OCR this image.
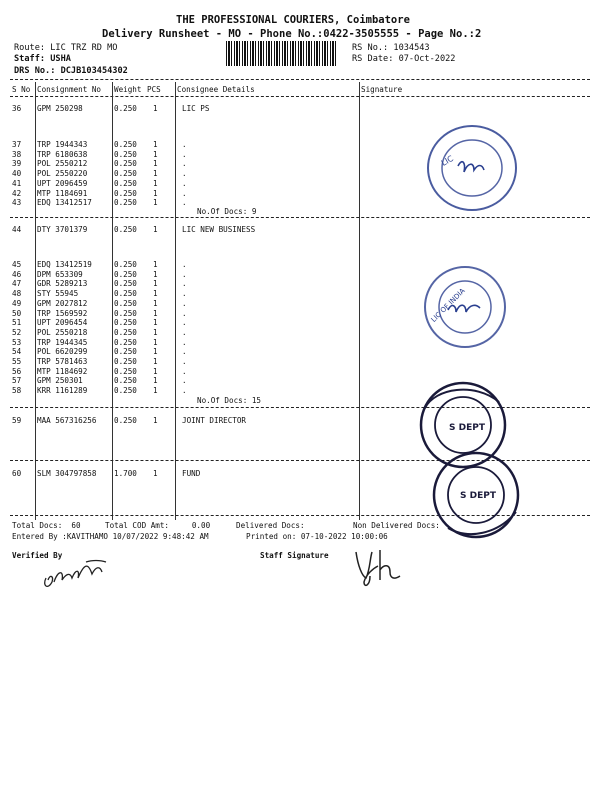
THE PROFESSIONAL COURIERS, Coimbatore
Delivery Runsheet - MO - Phone No.:0422-3505555 - Page No.:2
Route: LIC TRZ RD MO
Staff: USHA
DRS No.: DCJB103454302
RS No.: 1034543
RS Date: 07-Oct-2022
S No Consignment No Weight PCS Consignee Details	Signature
36 GPM 250298	0.250 1	LIC PS
37 TRP 1944343	0.250 1	.
38 TRP 6180638	0.250 1	.
39 POL 2550212	0.250 1	.
40 POL 2550220	0.250 1	.
41 UPT 2096459	0.250 1	.
42 MTP 1184691	0.250 1	.
43 EDQ 13412517	0.250 1	.
No.Of Docs: 9
44 DTY 3701379	0.250 1	LIC NEW BUSINESS
45 EDQ 13412519	0.250 1	.
46 DPM 653309	0.250 1	.
47 GDR 5289213	0.250 1	.
48 STY 55945	0.250 1	.
49 GPM 2027812	0.250 1	.
50 TRP 1569592	0.250 1	.
51 UPT 2096454	0.250 1	.
52 POL 2550218	0.250 1	.
53 TRP 1944345	0.250 1	.
54 POL 6620299	0.250 1	.
55 TRP 5781463	0.250 1	.
56 MTP 1184692	0.250 1	.
57 GPM 250301	0.250 1	.
58 KRR 1161289	0.250 1	.
No.Of Docs: 15
59 MAA 567316256 0.250 1	JOINT DIRECTOR
60 SLM 304797858 1.700 1	FUND
Total Docs:  60	Total COD Amt:     0.00	Delivered Docs:	Non Delivered Docs:
Entered By :KAVITHAMO 10/07/2022 9:48:42 AM	Printed on: 07-10-2022 10:00:06
Verified By	Staff Signature
LIC
LIC OF INDIA
S DEPT
S DEPT
